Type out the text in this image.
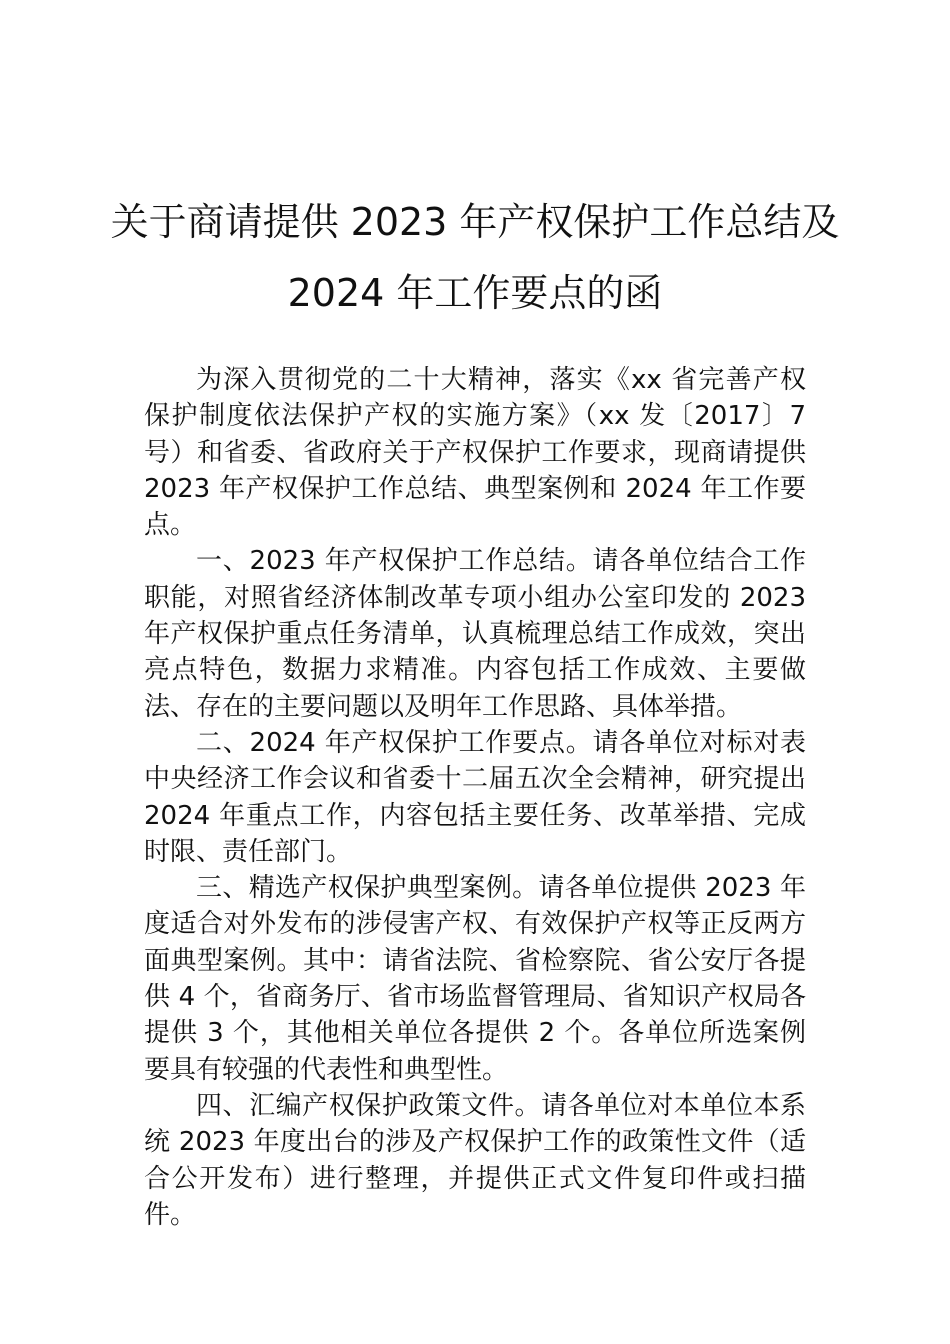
关于商请提供 2023 年产权保护工作总结及
2024 年工作要点的函

为深入贯彻党的二十大精神，落实《xx 省完善产权保护制度依法保护产权的实施方案》（xx 发〔2017〕7 号）和省委、省政府关于产权保护工作要求，现商请提供 2023 年产权保护工作总结、典型案例和 2024 年工作要点。

一、2023 年产权保护工作总结。请各单位结合工作职能，对照省经济体制改革专项小组办公室印发的 2023 年产权保护重点任务清单，认真梳理总结工作成效，突出亮点特色，数据力求精准。内容包括工作成效、主要做法、存在的主要问题以及明年工作思路、具体举措。

二、2024 年产权保护工作要点。请各单位对标对表中央经济工作会议和省委十二届五次全会精神，研究提出 2024 年重点工作，内容包括主要任务、改革举措、完成时限、责任部门。

三、精选产权保护典型案例。请各单位提供 2023 年度适合对外发布的涉侵害产权、有效保护产权等正反两方面典型案例。其中：请省法院、省检察院、省公安厅各提供 4 个，省商务厅、省市场监督管理局、省知识产权局各提供 3 个，其他相关单位各提供 2 个。各单位所选案例要具有较强的代表性和典型性。

四、汇编产权保护政策文件。请各单位对本单位本系统 2023 年度出台的涉及产权保护工作的政策性文件（适合公开发布）进行整理，并提供正式文件复印件或扫描件。
